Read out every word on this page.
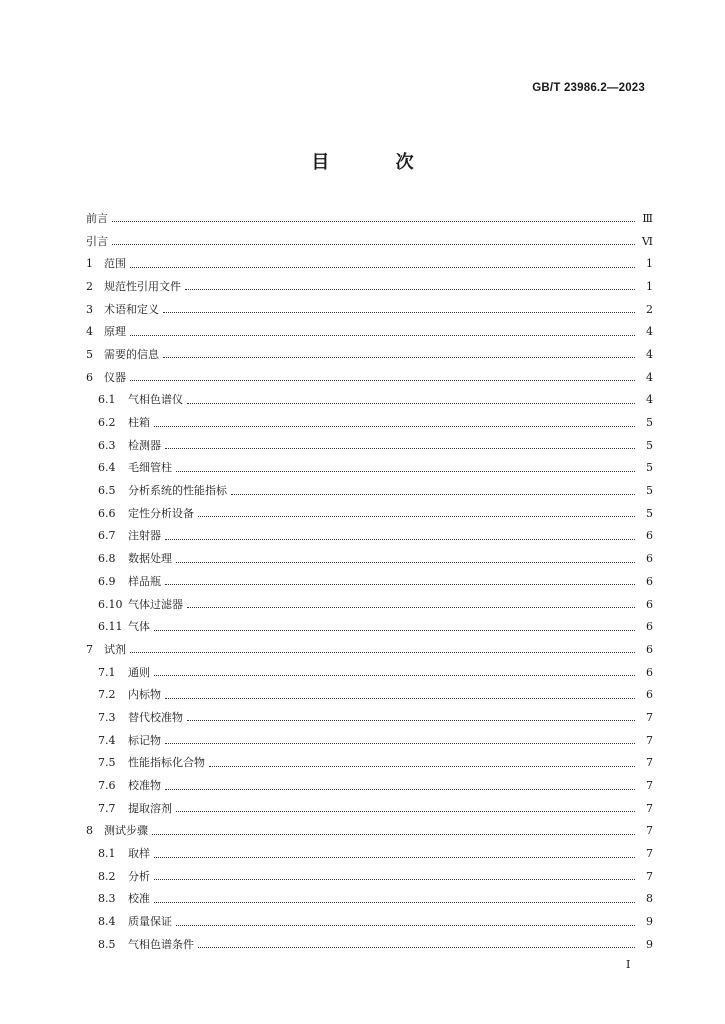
GB/T 23986.2—2023
目 次
前言	Ⅲ
引言	Ⅵ
1	范围	1
2	规范性引用文件	1
3	术语和定义	2
4	原理	4
5	需要的信息	4
6	仪器	4
6.1	气相色谱仪	4
6.2	柱箱	5
6.3	检测器	5
6.4	毛细管柱	5
6.5	分析系统的性能指标	5
6.6	定性分析设备	5
6.7	注射器	6
6.8	数据处理	6
6.9	样品瓶	6
6.10 气体过滤器	6
6.11 气体	6
7	试剂	6
7.1	通则	6
7.2	内标物	6
7.3	替代校准物	7
7.4	标记物	7
7.5	性能指标化合物	7
7.6	校准物	7
7.7	提取溶剂	7
8	测试步骤	7
8.1	取样	7
8.2	分析	7
8.3	校准	8
8.4	质量保证	9
8.5	气相色谱条件	9
Ⅰ
